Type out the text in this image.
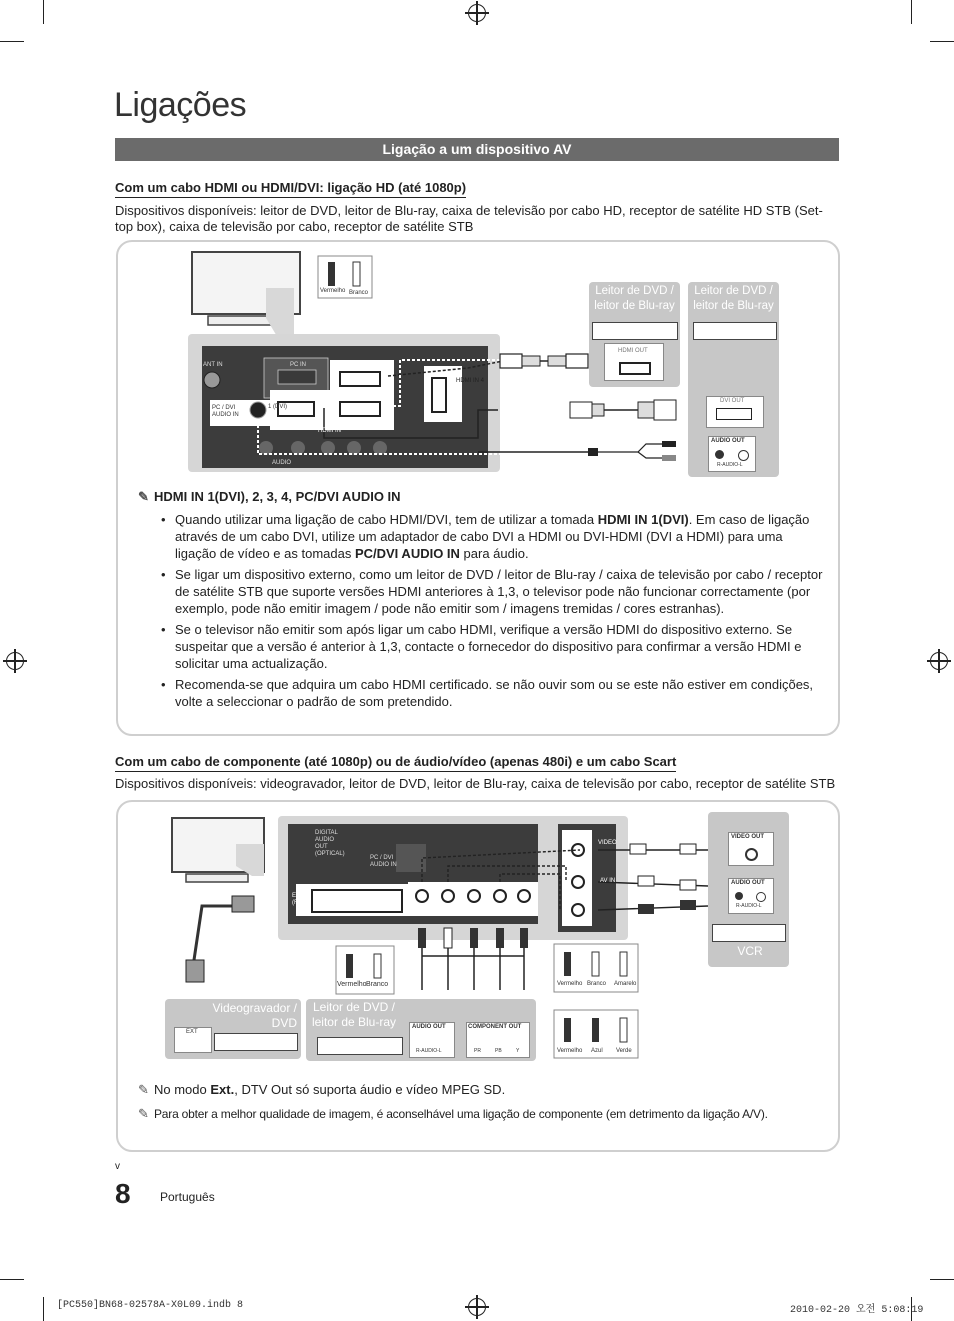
Ligações
Ligação a um dispositivo AV
Com um cabo HDMI ou HDMI/DVI: ligação HD (até 1080p)
Dispositivos disponíveis: leitor de DVD, leitor de Blu-ray, caixa de televisão por cabo HD, receptor de satélite HD STB (Set-top box), caixa de televisão por cabo, receptor de satélite STB
Vermelho Branco
ANT IN	PC IN
PC / DVI AUDIO IN
HDMI IN
1 (DVI)
HDMI IN 4
AUDIO
Leitor de DVD / leitor de Blu-ray
HDMI OUT
Leitor de DVD / leitor de Blu-ray
DVI OUT
AUDIO OUT
R-AUDIO-L
✎ HDMI IN 1(DVI), 2, 3, 4, PC/DVI AUDIO IN
• Quando utilizar uma ligação de cabo HDMI/DVI, tem de utilizar a tomada HDMI IN 1(DVI). Em caso de ligação através de um cabo DVI, utilize um adaptador de cabo DVI a HDMI ou DVI-HDMI (DVI a HDMI) para uma ligação de vídeo e as tomadas PC/DVI AUDIO IN para áudio.
• Se ligar um dispositivo externo, como um leitor de DVD / leitor de Blu-ray / caixa de televisão por cabo / receptor de satélite STB que suporte versões HDMI anteriores à 1,3, o televisor pode não funcionar correctamente (por exemplo, pode não emitir imagem / pode não emitir som / imagens tremidas / cores estranhas).
• Se o televisor não emitir som após ligar um cabo HDMI, verifique a versão HDMI do dispositivo externo. Se suspeitar que a versão é anterior à 1,3, contacte o fornecedor do dispositivo para confirmar a versão HDMI e solicitar uma actualização.
• Recomenda-se que adquira um cabo HDMI certificado. se não ouvir som ou se este não estiver em condições, volte a seleccionar o padrão de som pretendido.
Com um cabo de componente (até 1080p) ou de áudio/vídeo (apenas 480i) e um cabo Scart
Dispositivos disponíveis: videogravador, leitor de DVD, leitor de Blu-ray, caixa de televisão por cabo, receptor de satélite STB
DIGITAL AUDIO OUT (OPTICAL)
PC / DVI AUDIO IN
EXT (RGB)
COMPONENT IN
AV IN
VIDEO
Vermelho Branco	Vermelho Branco Amarelo
Vermelho Azul Verde
VIDEO OUT
AUDIO OUT
R-AUDIO-L
VCR
Videogravador / DVD
EXT
Leitor de DVD / leitor de Blu-ray	AUDIO OUT
R-AUDIO-L
COMPONENT OUT
PR	PB	Y
✎ No modo Ext., DTV Out só suporta áudio e vídeo MPEG SD.
✎ Para obter a melhor qualidade de imagem, é aconselhável uma ligação de componente (em detrimento da ligação A/V).
v
8 Português
[PC550]BN68-02578A-X0L09.indb 8	2010-02-20 오전 5:08:19
